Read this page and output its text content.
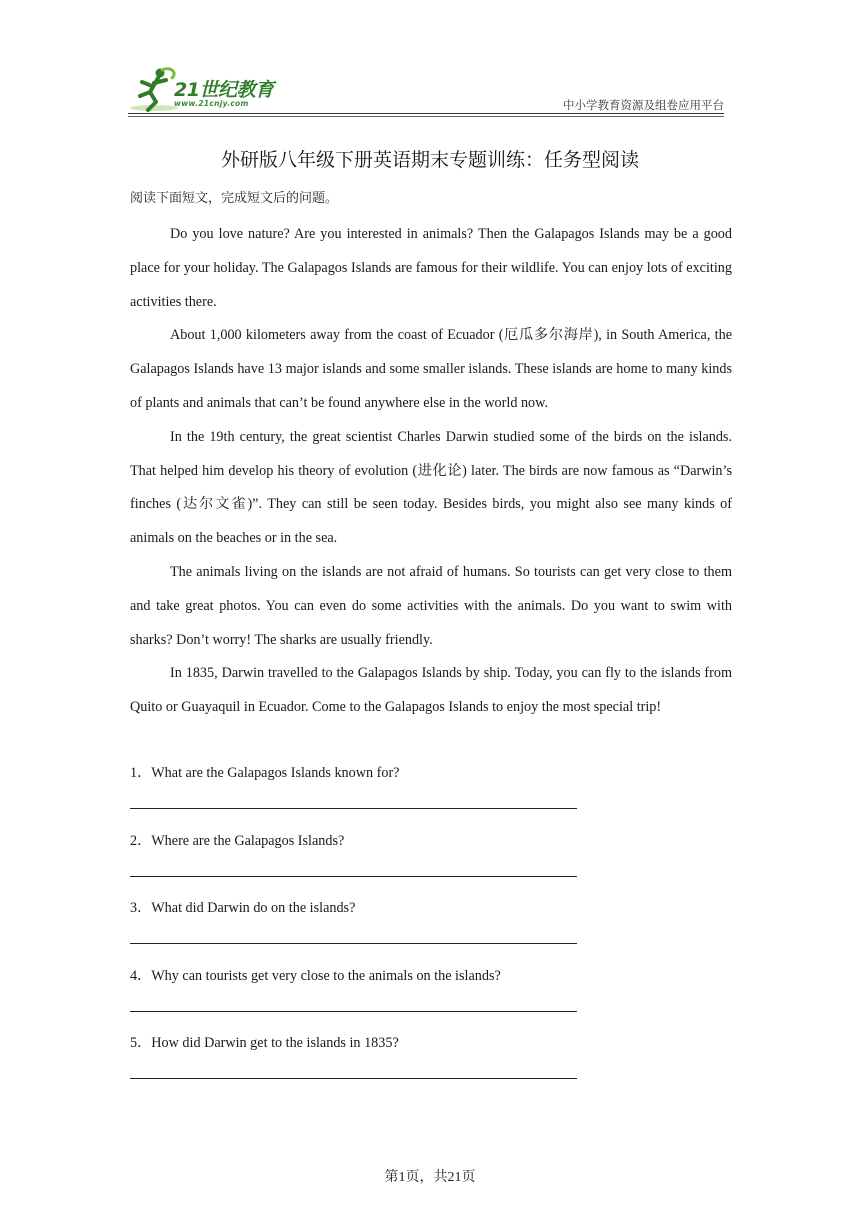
21世纪教育
www.21cnjy.com	中小学教育资源及组卷应用平台
外研版八年级下册英语期末专题训练：任务型阅读
阅读下面短文，完成短文后的问题。

Do you love nature? Are you interested in animals? Then the Galapagos Islands may be a good place for your holiday. The Galapagos Islands are famous for their wildlife. You can enjoy lots of exciting activities there.

About 1,000 kilometers away from the coast of Ecuador (厄瓜多尔海岸), in South America, the Galapagos Islands have 13 major islands and some smaller islands. These islands are home to many kinds of plants and animals that can’t be found anywhere else in the world now.

In the 19th century, the great scientist Charles Darwin studied some of the birds on the islands. That helped him develop his theory of evolution (进化论) later. The birds are now famous as “Darwin’s finches (达尔文雀)”. They can still be seen today. Besides birds, you might also see many kinds of animals on the beaches or in the sea.

The animals living on the islands are not afraid of humans. So tourists can get very close to them and take great photos. You can even do some activities with the animals. Do you want to swim with sharks? Don’t worry! The sharks are usually friendly.

In 1835, Darwin travelled to the Galapagos Islands by ship. Today, you can fly to the islands from Quito or Guayaquil in Ecuador. Come to the Galapagos Islands to enjoy the most special trip!

1．What are the Galapagos Islands known for?
2．Where are the Galapagos Islands?
3．What did Darwin do on the islands?
4．Why can tourists get very close to the animals on the islands?
5．How did Darwin get to the islands in 1835?
第1页，共21页
